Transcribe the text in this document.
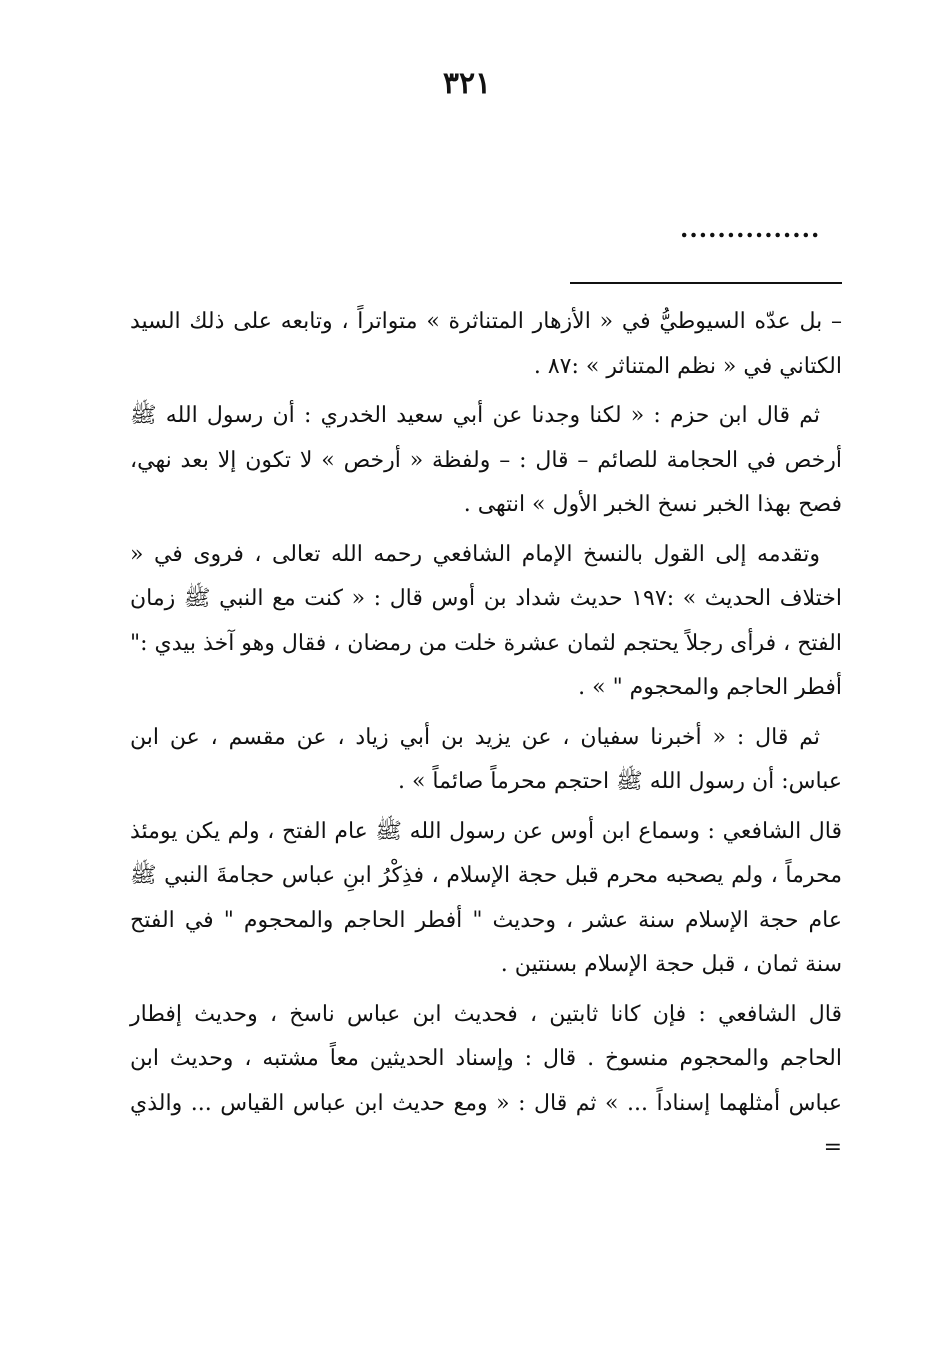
٣٢١
...............

– بل عدّه السيوطيُّ في « الأزهار المتناثرة » متواتراً ، وتابعه على ذلك السيد الكتاني في « نظم المتناثر » :٨٧ .

ثم قال ابن حزم : « لكنا وجدنا عن أبي سعيد الخدري : أن رسول الله ﷺ أرخص في الحجامة للصائم – قال : – ولفظة « أرخص » لا تكون إلا بعد نهي، فصح بهذا الخبر نسخ الخبر الأول » انتهى .

وتقدمه إلى القول بالنسخ الإمام الشافعي رحمه الله تعالى ، فروى في « اختلاف الحديث » :١٩٧ حديث شداد بن أوس قال : « كنت مع النبي ﷺ زمان الفتح ، فرأى رجلاً يحتجم لثمان عشرة خلت من رمضان ، فقال وهو آخذ بيدي :" أفطر الحاجم والمحجوم " » .

ثم قال : « أخبرنا سفيان ، عن يزيد بن أبي زياد ، عن مقسم ، عن ابن عباس: أن رسول الله ﷺ احتجم محرماً صائماً » .

قال الشافعي : وسماع ابن أوس عن رسول الله ﷺ عام الفتح ، ولم يكن يومئذ محرماً ، ولم يصحبه محرم قبل حجة الإسلام ، فذِكْرُ ابنِ عباس حجامةَ النبي ﷺ عام حجة الإسلام سنة عشر ، وحديث " أفطر الحاجم والمحجوم " في الفتح سنة ثمان ، قبل حجة الإسلام بسنتين .

قال الشافعي : فإن كانا ثابتين ، فحديث ابن عباس ناسخ ، وحديث إفطار الحاجم والمحجوم منسوخ . قال : وإسناد الحديثين معاً مشتبه ، وحديث ابن عباس أمثلهما إسناداً ... » ثم قال : « ومع حديث ابن عباس القياس ... والذي =
